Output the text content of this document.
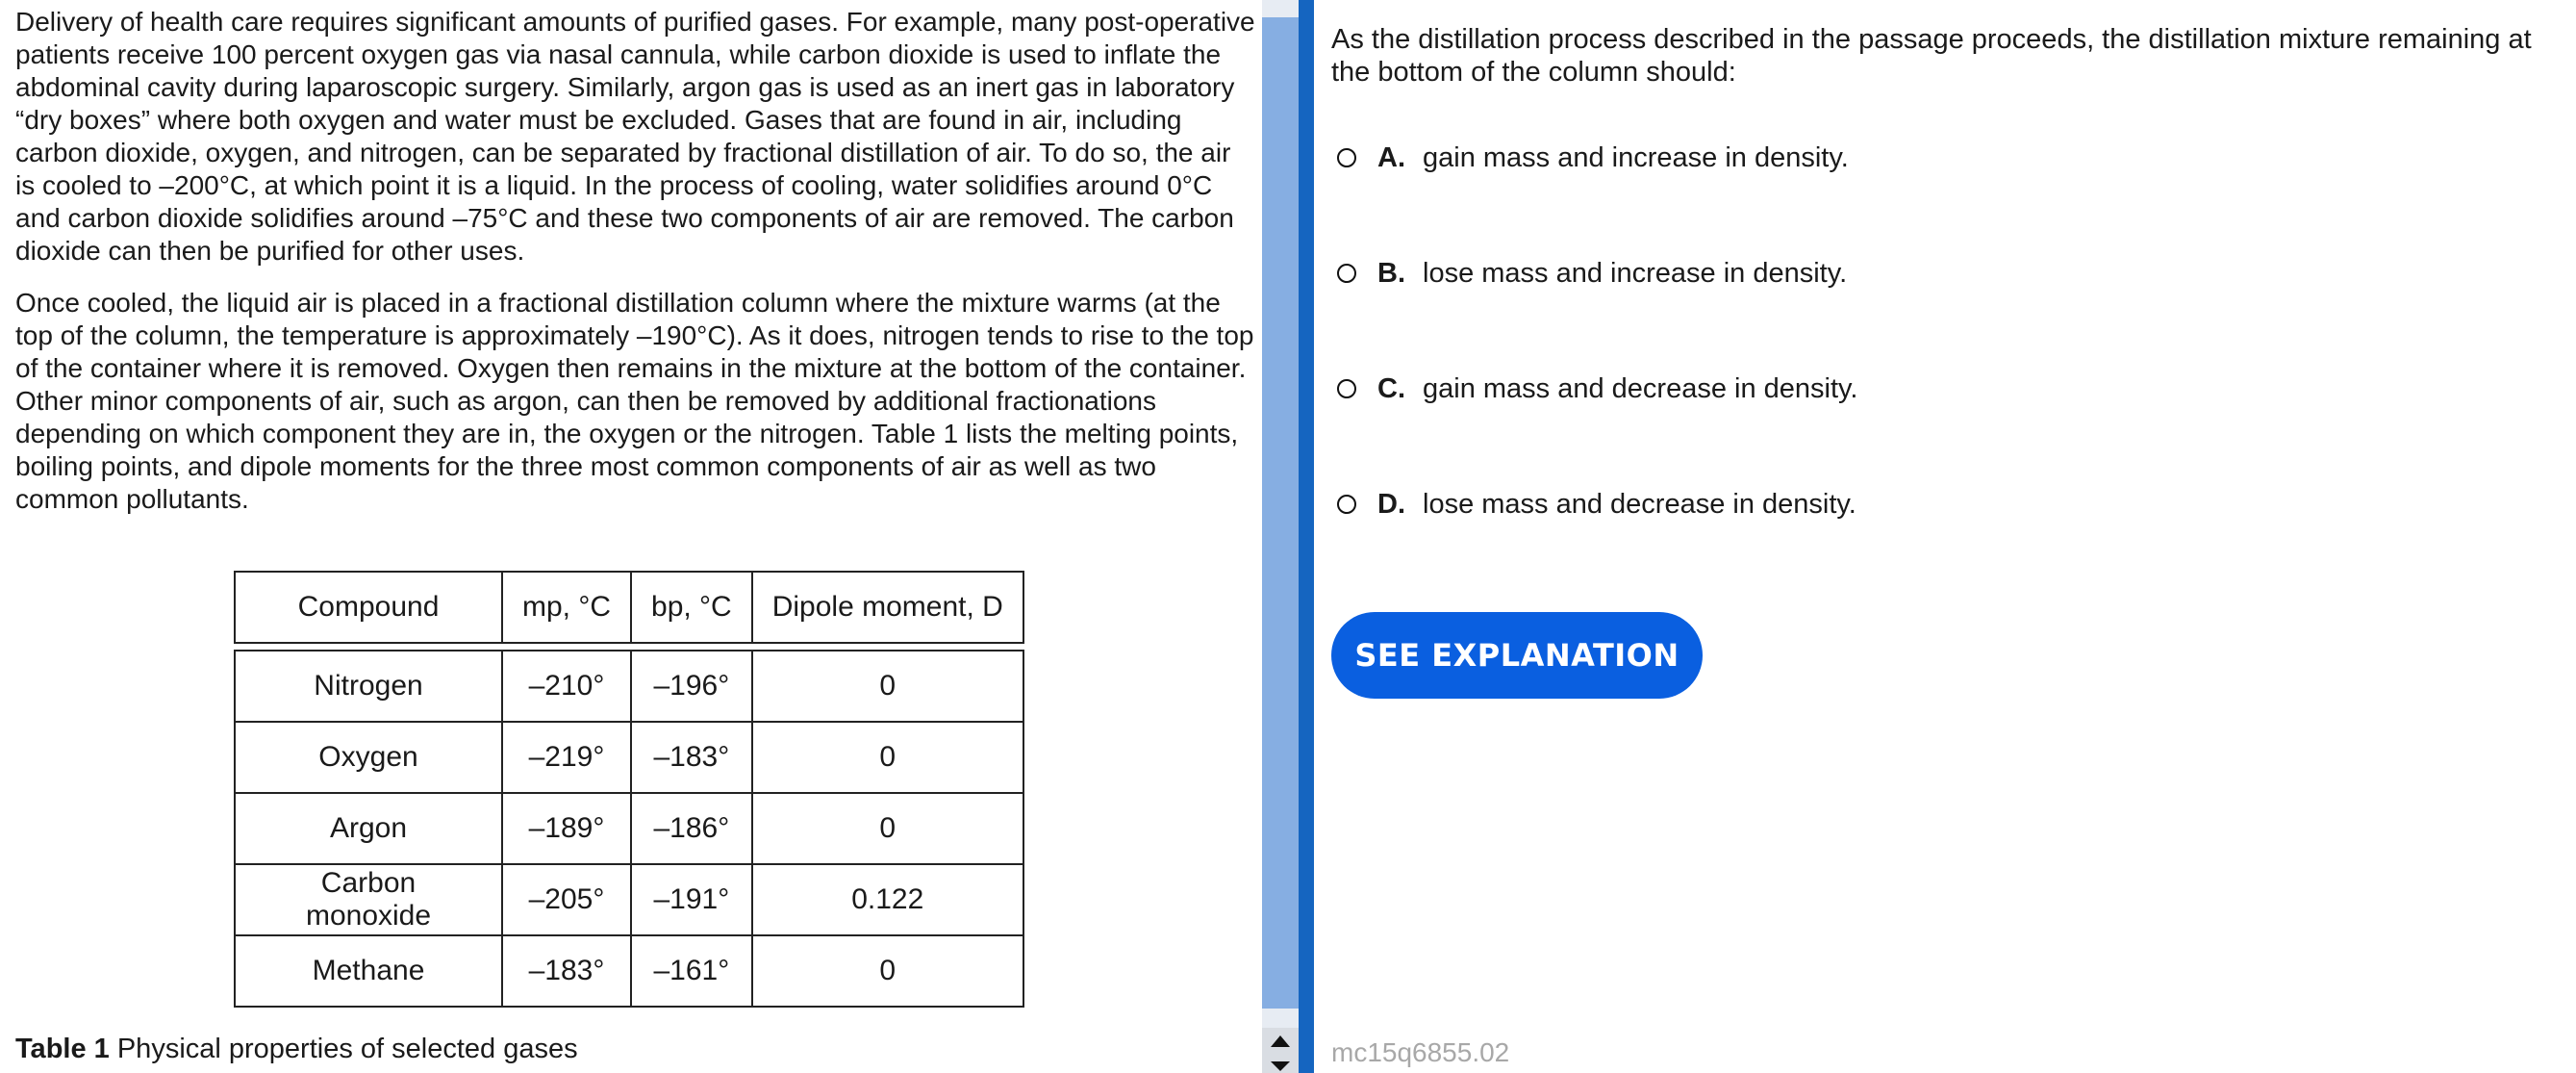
Delivery of health care requires significant amounts of purified gases. For example, many post-operative patients receive 100 percent oxygen gas via nasal cannula, while carbon dioxide is used to inflate the abdominal cavity during laparoscopic surgery. Similarly, argon gas is used as an inert gas in laboratory “dry boxes” where both oxygen and water must be excluded. Gases that are found in air, including carbon dioxide, oxygen, and nitrogen, can be separated by fractional distillation of air. To do so, the air is cooled to –200°C, at which point it is a liquid. In the process of cooling, water solidifies around 0°C and carbon dioxide solidifies around –75°C and these two components of air are removed. The carbon dioxide can then be purified for other uses.

Once cooled, the liquid air is placed in a fractional distillation column where the mixture warms (at the top of the column, the temperature is approximately –190°C). As it does, nitrogen tends to rise to the top of the container where it is removed. Oxygen then remains in the mixture at the bottom of the container. Other minor components of air, such as argon, can then be removed by additional fractionations depending on which component they are in, the oxygen or the nitrogen. Table 1 lists the melting points, boiling points, and dipole moments for the three most common components of air as well as two common pollutants.

Compound	mp, °C	bp, °C	Dipole moment, D

Nitrogen	–210°	–196°	0
Oxygen	–219°	–183°	0
Argon	–189°	–186°	0
Carbon monoxide	–205°	–191°	0.122
Methane	–183°	–161°	0
Table 1 Physical properties of selected gases
As the distillation process described in the passage proceeds, the distillation mixture remaining at the bottom of the column should:
A. gain mass and increase in density.
B. lose mass and increase in density.
C. gain mass and decrease in density.
D. lose mass and decrease in density.
SEE EXPLANATION
mc15q6855.02
